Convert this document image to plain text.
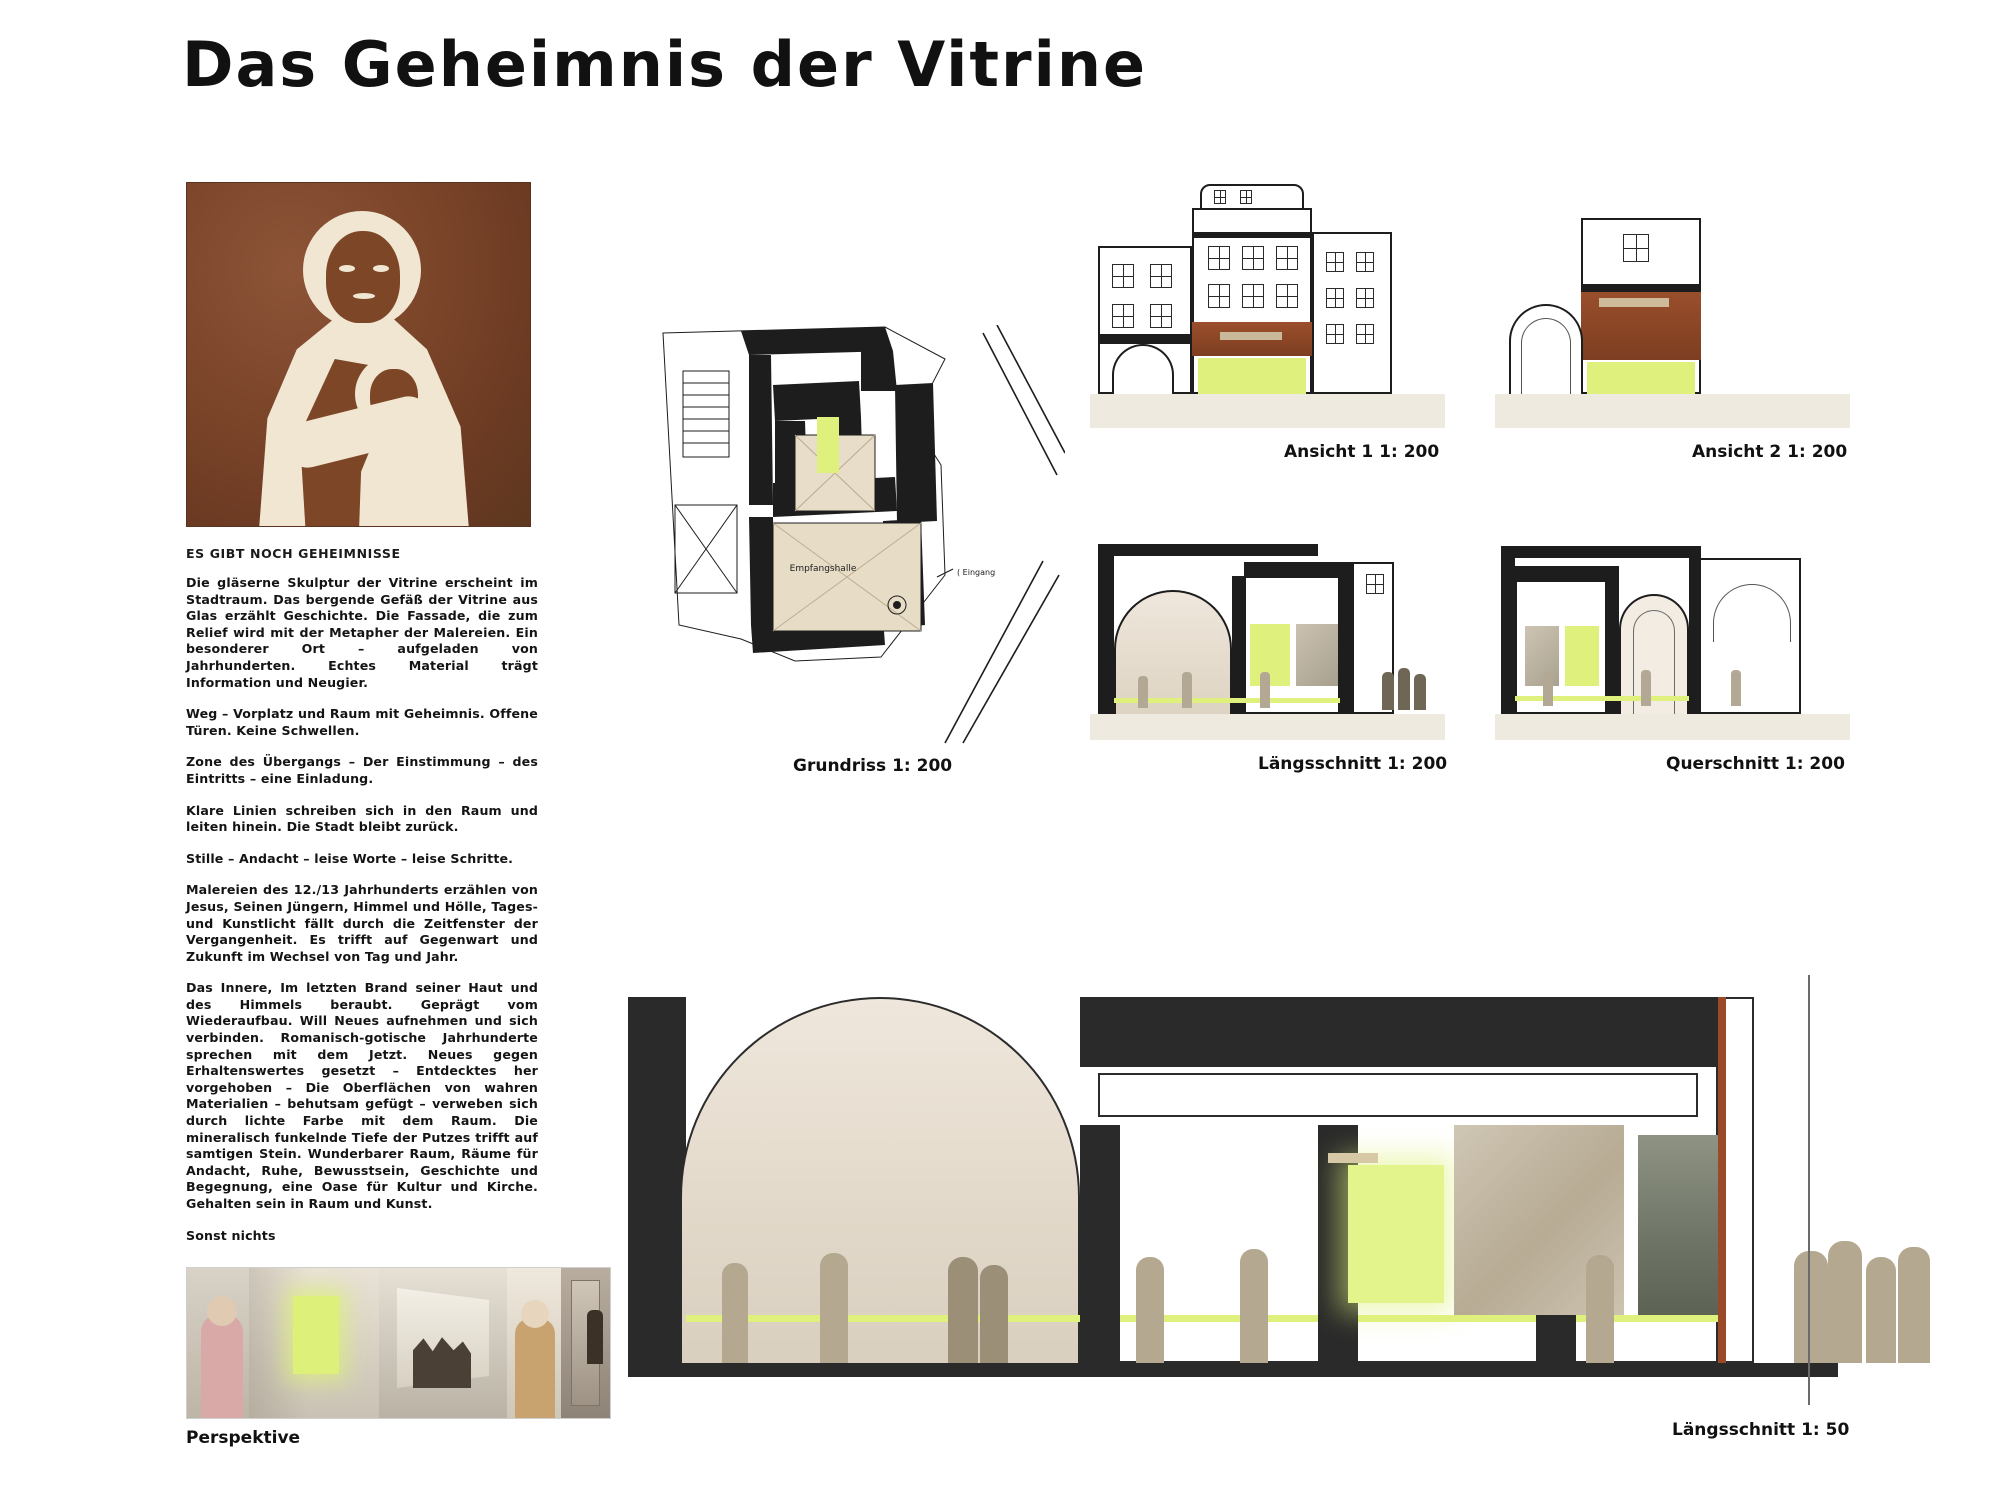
Das Geheimnis der Vitrine
ES GIBT NOCH GEHEIMNISSE

Die gläserne Skulptur der Vitrine erscheint im Stadtraum. Das bergende Gefäß der Vitrine aus Glas erzählt Geschichte. Die Fassade, die zum Relief wird mit der Metapher der Malereien. Ein besonderer Ort – aufgeladen von Jahrhunderten. Echtes Material trägt Information und Neugier.

Weg – Vorplatz und Raum mit Geheimnis. Offene Türen. Keine Schwellen.

Zone des Übergangs – Der Einstimmung – des Eintritts – eine Einladung.

Klare Linien schreiben sich in den Raum und leiten hinein. Die Stadt bleibt zurück.

Stille – Andacht – leise Worte – leise Schritte.

Malereien des 12./13 Jahrhunderts erzählen von Jesus, Seinen Jüngern, Himmel und Hölle, Tages- und Kunstlicht fällt durch die Zeitfenster der Vergangenheit. Es trifft auf Gegenwart und Zukunft im Wechsel von Tag und Jahr.

Das Innere, Im letzten Brand seiner Haut und des Himmels beraubt. Geprägt vom Wiederaufbau. Will Neues aufnehmen und sich verbinden. Romanisch-gotische Jahrhunderte sprechen mit dem Jetzt. Neues gegen Erhaltenswertes gesetzt – Entdecktes her vorgehoben – Die Oberflächen von wahren Materialien – behutsam gefügt – verweben sich durch lichte Farbe mit dem Raum. Die mineralisch funkelnde Tiefe der Putzes trifft auf samtigen Stein. Wunderbarer Raum, Räume für Andacht, Ruhe, Bewusstsein, Geschichte und Begegnung, eine Oase für Kultur und Kirche. Gehalten sein in Raum und Kunst.

Sonst nichts

Perspektive
Empfangshalle	( Eingang
Grundriss 1: 200
Ansicht 1 1: 200	Ansicht 2 1: 200
Längsschnitt 1: 200	Querschnitt 1: 200
Längsschnitt 1: 50
